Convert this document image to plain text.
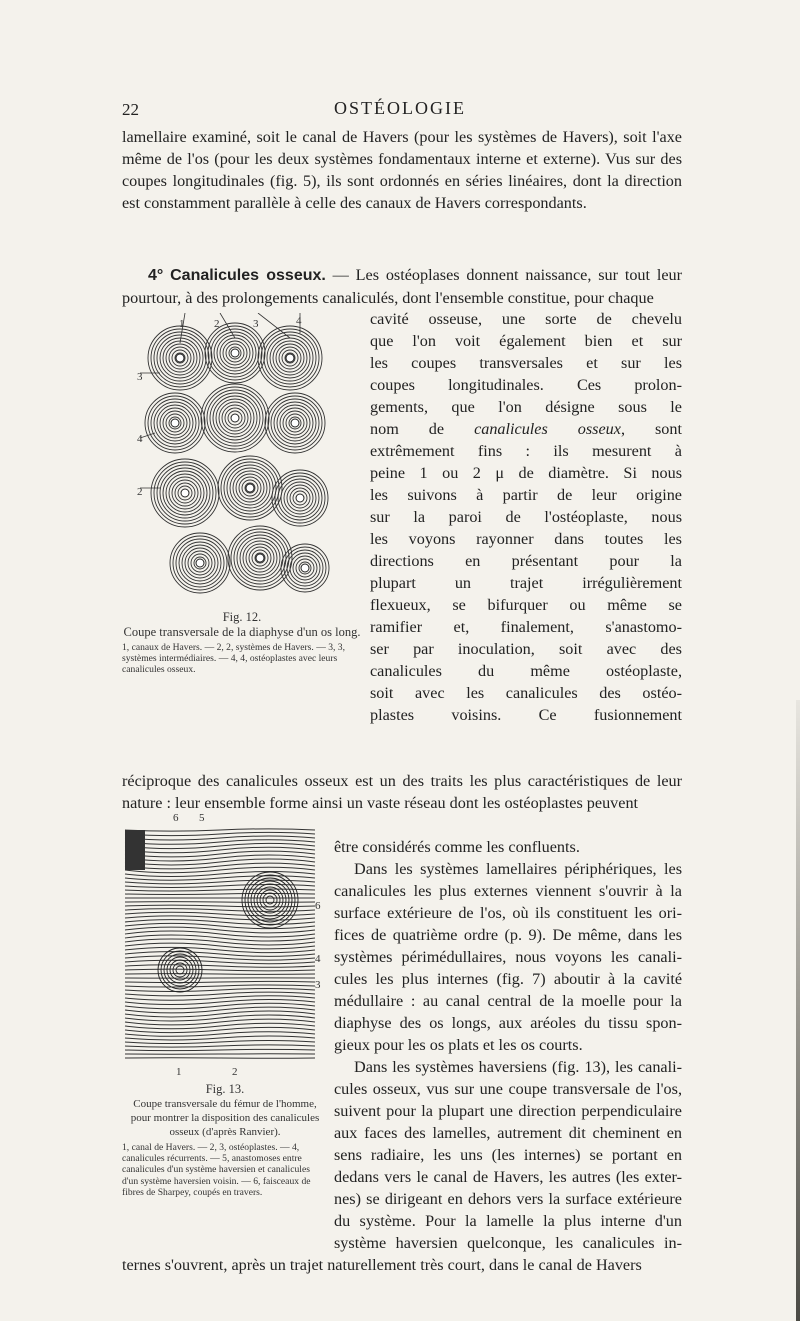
22	OSTÉOLOGIE

lamellaire examiné, soit le canal de Havers (pour les systèmes de Havers), soit l'axe même de l'os (pour les deux systèmes fondamentaux interne et externe). Vus sur des coupes longitudinales (fig. 5), ils sont ordonnés en séries linéaires, dont la direction est constamment parallèle à celle des canaux de Havers correspondants.

4° Canalicules osseux. — Les ostéoplases donnent naissance, sur tout leur pourtour, à des prolongements canaliculés, dont l'ensemble constitue, pour chaque

1	2	3	4
3
4
2
Fig. 12.
Coupe transversale de la diaphyse d'un os long.
1, canaux de Havers. — 2, 2, systèmes de Havers. — 3, 3, systèmes intermédiaires. — 4, 4, ostéoplastes avec leurs canalicules osseux.
cavité osseuse, une sorte de chevelu
que l'on voit également bien et sur
les coupes transversales et sur les
coupes longitudinales. Ces prolon-
gements, que l'on désigne sous le
nom de canalicules osseux, sont
extrêmement fins : ils mesurent à
peine 1 ou 2 μ de diamètre. Si nous
les suivons à partir de leur origine
sur la paroi de l'ostéoplaste, nous
les voyons rayonner dans toutes les
directions en présentant pour la
plupart un trajet irrégulièrement
flexueux, se bifurquer ou même se
ramifier et, finalement, s'anastomo-
ser par inoculation, soit avec des
canalicules du même ostéoplaste,
soit avec les canalicules des ostéo-
plastes voisins. Ce fusionnement

réciproque des canalicules osseux est un des traits les plus caractéristiques de leur nature : leur ensemble forme ainsi un vaste réseau dont les ostéoplastes peuvent

6 5
6
4
3
1	2
Fig. 13.
Coupe transversale du fémur de l'homme, pour montrer la disposition des canalicules osseux (d'après Ranvier).
1, canal de Havers. — 2, 3, ostéoplastes. — 4, canalicules récurrents. — 5, anastomoses entre canalicules d'un système haversien et canalicules d'un système haversien voisin. — 6, faisceaux de fibres de Sharpey, coupés en travers.
être considérés comme les confluents.
Dans les systèmes lamellaires périphériques, les
canalicules les plus externes viennent s'ouvrir à la
surface extérieure de l'os, où ils constituent les ori-
fices de quatrième ordre (p. 9). De même, dans les
systèmes périmédullaires, nous voyons les canali-
cules les plus internes (fig. 7) aboutir à la cavité
médullaire : au canal central de la moelle pour la
diaphyse des os longs, aux aréoles du tissu spon-
gieux pour les os plats et les os courts.
Dans les systèmes haversiens (fig. 13), les canali-
cules osseux, vus sur une coupe transversale de l'os,
suivent pour la plupart une direction perpendiculaire
aux faces des lamelles, autrement dit cheminent en
sens radiaire, les uns (les internes) se portant en
dedans vers le canal de Havers, les autres (les exter-
nes) se dirigeant en dehors vers la surface extérieure
du système. Pour la lamelle la plus interne d'un
système haversien quelconque, les canalicules in-

ternes s'ouvrent, après un trajet naturellement très court, dans le canal de Havers
